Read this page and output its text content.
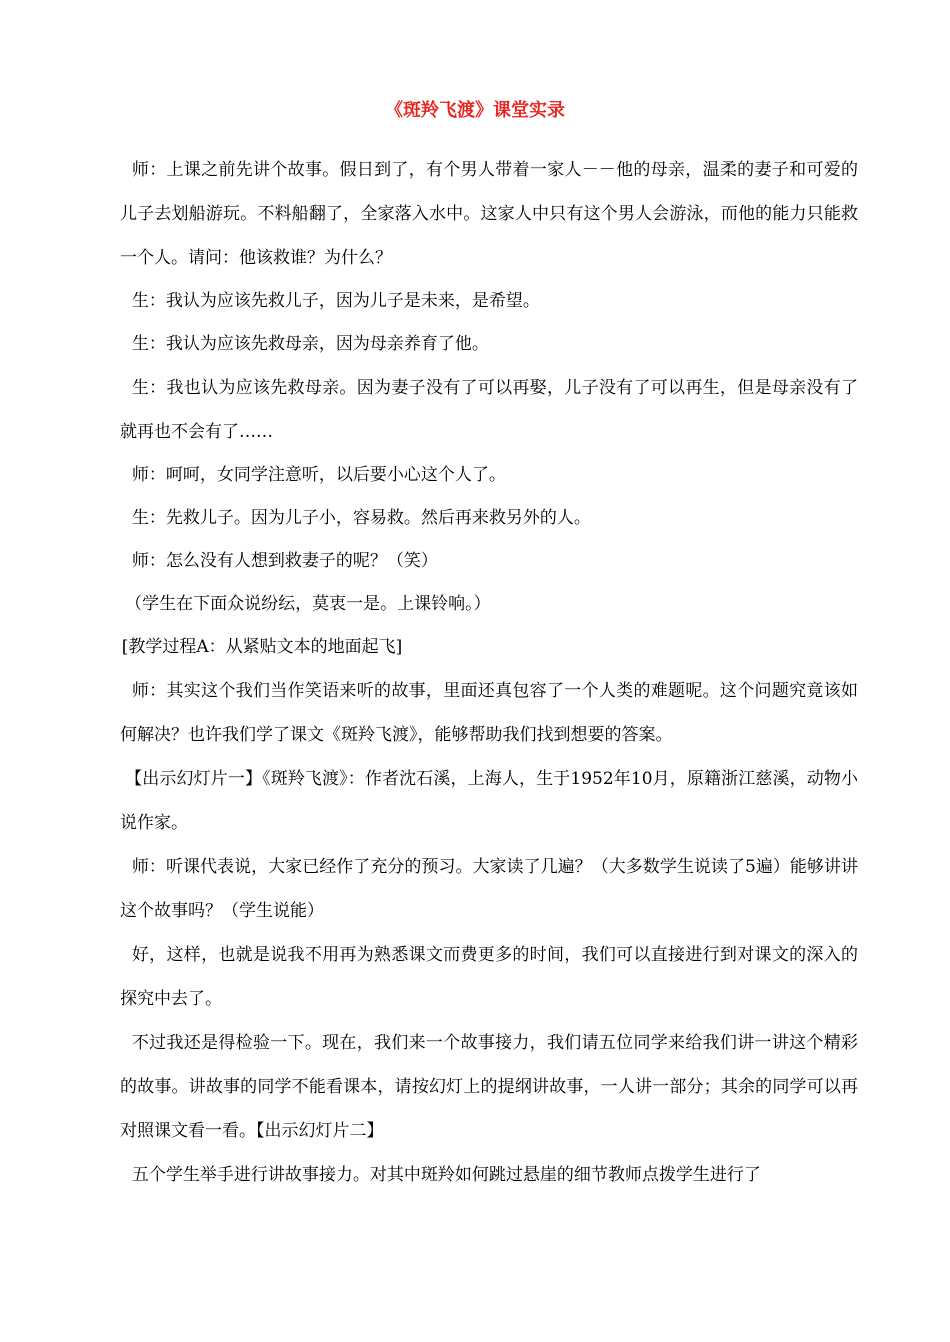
《斑羚飞渡》课堂实录

师：上课之前先讲个故事。假日到了，有个男人带着一家人－－他的母亲，温柔的妻子和可爱的儿子去划船游玩。不料船翻了，全家落入水中。这家人中只有这个男人会游泳，而他的能力只能救一个人。请问：他该救谁？为什么？

生：我认为应该先救儿子，因为儿子是未来，是希望。

生：我认为应该先救母亲，因为母亲养育了他。

生：我也认为应该先救母亲。因为妻子没有了可以再娶，儿子没有了可以再生，但是母亲没有了就再也不会有了……

师：呵呵，女同学注意听，以后要小心这个人了。

生：先救儿子。因为儿子小，容易救。然后再来救另外的人。

师：怎么没有人想到救妻子的呢？（笑）

（学生在下面众说纷纭，莫衷一是。上课铃响。）

[教学过程A：从紧贴文本的地面起飞]

师：其实这个我们当作笑语来听的故事，里面还真包容了一个人类的难题呢。这个问题究竟该如何解决？也许我们学了课文《斑羚飞渡》，能够帮助我们找到想要的答案。

【出示幻灯片一】《斑羚飞渡》：作者沈石溪，上海人，生于1952年10月，原籍浙江慈溪，动物小说作家。

师：听课代表说，大家已经作了充分的预习。大家读了几遍？（大多数学生说读了5遍）能够讲讲这个故事吗？（学生说能）

好，这样，也就是说我不用再为熟悉课文而费更多的时间，我们可以直接进行到对课文的深入的探究中去了。

不过我还是得检验一下。现在，我们来一个故事接力，我们请五位同学来给我们讲一讲这个精彩的故事。讲故事的同学不能看课本，请按幻灯上的提纲讲故事，一人讲一部分；其余的同学可以再对照课文看一看。【出示幻灯片二】

五个学生举手进行讲故事接力。对其中斑羚如何跳过悬崖的细节教师点拨学生进行了
